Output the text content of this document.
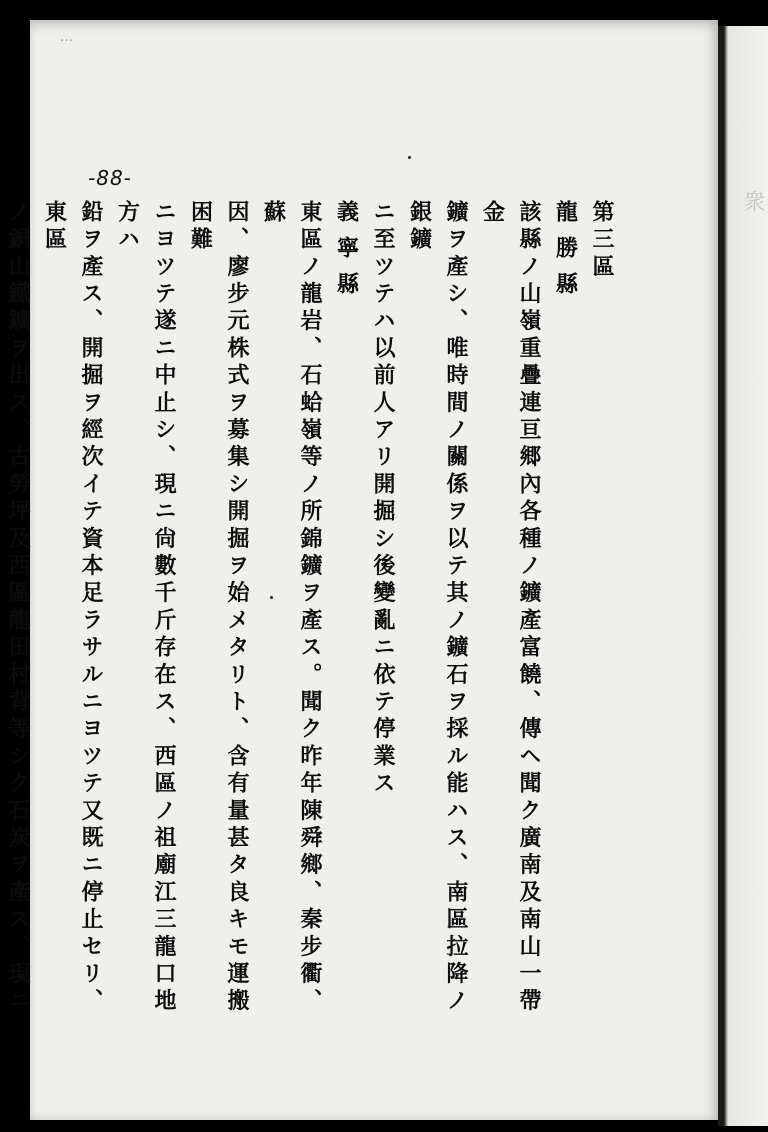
衆
…
-88-

第三區

龍勝縣

該縣ノ山嶺重疊連亘郷內各種ノ鑛產富饒、傳ヘ聞ク廣南及南山一帶金

鑛ヲ產シ、唯時間ノ關係ヲ以テ其ノ鑛石ヲ採ル能ハス、南區拉降ノ銀鑛

ニ至ツテハ以前人アリ開掘シ後變亂ニ依テ停業ス

義寧縣

東區ノ龍岩、石蛤嶺等ノ所錦鑛ヲ產ス。聞ク昨年陳舜鄉、秦步衢、蘇

因、廖步元株式ヲ募集シ開掘ヲ始メタリト、含有量甚タ良キモ運搬困難

ニヨツテ遂ニ中止シ、現ニ尙數千斤存在ス、西區ノ祖廟江三龍口地方ハ

鉛ヲ產ス、開掘ヲ經次イテ資本足ラサルニヨツテ又既ニ停止セリ、東區

ノ銅山鐵鑛ヲ出ス、古勞坪及西區龍田村背等シク石炭ヲ產ス、現ニ
